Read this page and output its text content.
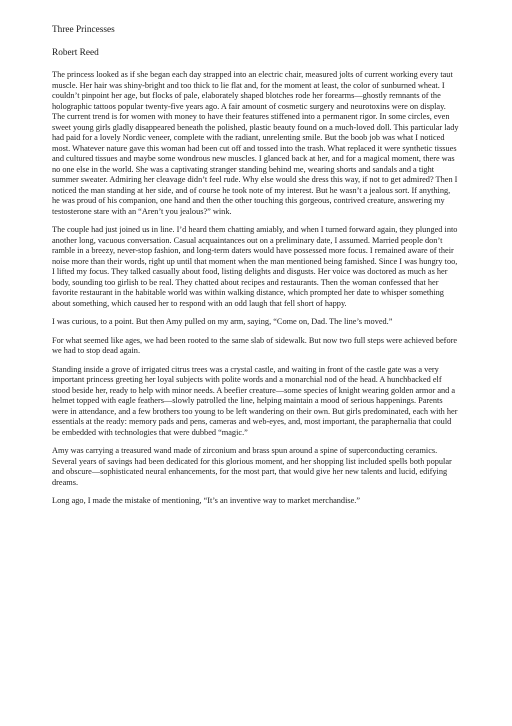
Three Princesses
Robert Reed

The princess looked as if she began each day strapped into an electric chair, measured jolts of current working every taut muscle. Her hair was shiny-bright and too thick to lie flat and, for the moment at least, the color of sunburned wheat. I couldn’t pinpoint her age, but flocks of pale, elaborately shaped blotches rode her forearms—ghostly remnants of the holographic tattoos popular twenty-five years ago. A fair amount of cosmetic surgery and neurotoxins were on display. The current trend is for women with money to have their features stiffened into a permanent rigor. In some circles, even sweet young girls gladly disappeared beneath the polished, plastic beauty found on a much-loved doll. This particular lady had paid for a lovely Nordic veneer, complete with the radiant, unrelenting smile. But the boob job was what I noticed most. Whatever nature gave this woman had been cut off and tossed into the trash. What replaced it were synthetic tissues and cultured tissues and maybe some wondrous new muscles. I glanced back at her, and for a magical moment, there was no one else in the world. She was a captivating stranger standing behind me, wearing shorts and sandals and a tight summer sweater. Admiring her cleavage didn’t feel rude. Why else would she dress this way, if not to get admired? Then I noticed the man standing at her side, and of course he took note of my interest. But he wasn’t a jealous sort. If anything, he was proud of his companion, one hand and then the other touching this gorgeous, contrived creature, answering my testosterone stare with an “Aren’t you jealous?” wink.

The couple had just joined us in line. I’d heard them chatting amiably, and when I turned forward again, they plunged into another long, vacuous conversation. Casual acquaintances out on a preliminary date, I assumed. Married people don’t ramble in a breezy, never-stop fashion, and long-term daters would have possessed more focus. I remained aware of their noise more than their words, right up until that moment when the man mentioned being famished. Since I was hungry too, I lifted my focus. They talked casually about food, listing delights and disgusts. Her voice was doctored as much as her body, sounding too girlish to be real. They chatted about recipes and restaurants. Then the woman confessed that her favorite restaurant in the habitable world was within walking distance, which prompted her date to whisper something about something, which caused her to respond with an odd laugh that fell short of happy.

I was curious, to a point. But then Amy pulled on my arm, saying, “Come on, Dad. The line’s moved.”

For what seemed like ages, we had been rooted to the same slab of sidewalk. But now two full steps were achieved before we had to stop dead again.

Standing inside a grove of irrigated citrus trees was a crystal castle, and waiting in front of the castle gate was a very important princess greeting her loyal subjects with polite words and a monarchial nod of the head. A hunchbacked elf stood beside her, ready to help with minor needs. A beefier creature—some species of knight wearing golden armor and a helmet topped with eagle feathers—slowly patrolled the line, helping maintain a mood of serious happenings. Parents were in attendance, and a few brothers too young to be left wandering on their own. But girls predominated, each with her essentials at the ready: memory pads and pens, cameras and web-eyes, and, most important, the paraphernalia that could be embedded with technologies that were dubbed “magic.”

Amy was carrying a treasured wand made of zirconium and brass spun around a spine of superconducting ceramics. Several years of savings had been dedicated for this glorious moment, and her shopping list included spells both popular and obscure—sophisticated neural enhancements, for the most part, that would give her new talents and lucid, edifying dreams.

Long ago, I made the mistake of mentioning, “It’s an inventive way to market merchandise.”
